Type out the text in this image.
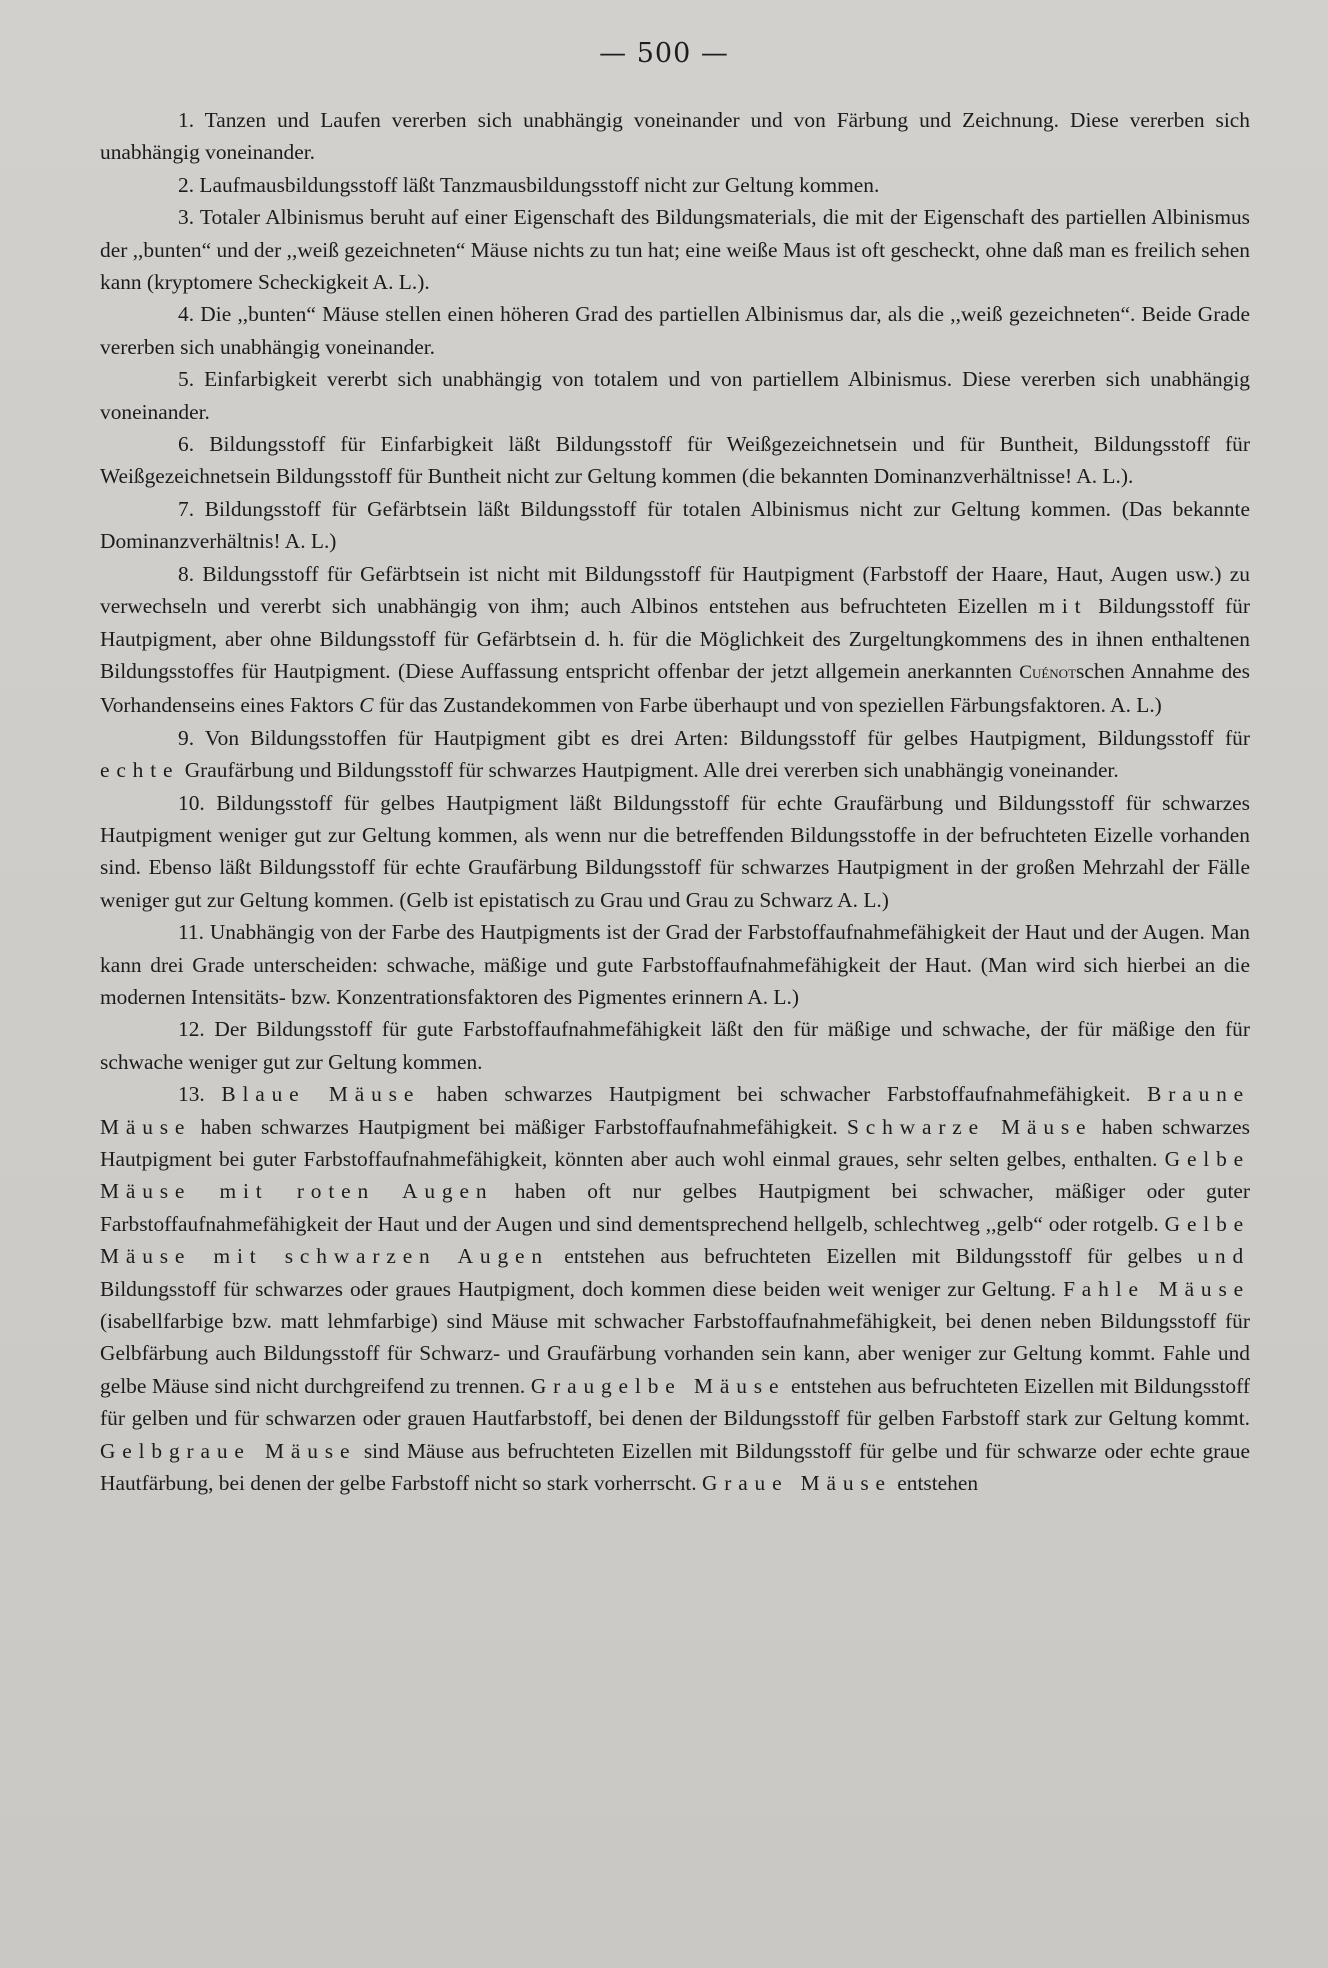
— 500 —

1. Tanzen und Laufen vererben sich unabhängig voneinander und von Färbung und Zeichnung. Diese vererben sich unabhängig voneinander.

2. Laufmausbildungsstoff läßt Tanzmausbildungsstoff nicht zur Geltung kommen.

3. Totaler Albinismus beruht auf einer Eigenschaft des Bildungsmaterials, die mit der Eigenschaft des partiellen Albinismus der ,,bunten“ und der ,,weiß gezeichneten“ Mäuse nichts zu tun hat; eine weiße Maus ist oft gescheckt, ohne daß man es freilich sehen kann (kryptomere Scheckigkeit A. L.).

4. Die ,,bunten“ Mäuse stellen einen höheren Grad des partiellen Albinismus dar, als die ,,weiß gezeichneten“. Beide Grade vererben sich unabhängig voneinander.

5. Einfarbigkeit vererbt sich unabhängig von totalem und von partiellem Albinismus. Diese vererben sich unabhängig voneinander.

6. Bildungsstoff für Einfarbigkeit läßt Bildungsstoff für Weißgezeichnetsein und für Buntheit, Bildungsstoff für Weißgezeichnetsein Bildungsstoff für Buntheit nicht zur Geltung kommen (die bekannten Dominanzverhältnisse! A. L.).

7. Bildungsstoff für Gefärbtsein läßt Bildungsstoff für totalen Albinismus nicht zur Geltung kommen. (Das bekannte Dominanzverhältnis! A. L.)

8. Bildungsstoff für Gefärbtsein ist nicht mit Bildungsstoff für Hautpigment (Farbstoff der Haare, Haut, Augen usw.) zu verwechseln und vererbt sich unabhängig von ihm; auch Albinos entstehen aus befruchteten Eizellen mit Bildungsstoff für Hautpigment, aber ohne Bildungsstoff für Gefärbtsein d. h. für die Möglichkeit des Zurgeltungkommens des in ihnen enthaltenen Bildungsstoffes für Hautpigment. (Diese Auffassung entspricht offenbar der jetzt allgemein anerkannten Cuénotschen Annahme des Vorhandenseins eines Faktors C für das Zustandekommen von Farbe überhaupt und von speziellen Färbungsfaktoren. A. L.)

9. Von Bildungsstoffen für Hautpigment gibt es drei Arten: Bildungsstoff für gelbes Hautpigment, Bildungsstoff für echte Graufärbung und Bildungsstoff für schwarzes Hautpigment. Alle drei vererben sich unabhängig voneinander.

10. Bildungsstoff für gelbes Hautpigment läßt Bildungsstoff für echte Graufärbung und Bildungsstoff für schwarzes Hautpigment weniger gut zur Geltung kommen, als wenn nur die betreffenden Bildungsstoffe in der befruchteten Eizelle vorhanden sind. Ebenso läßt Bildungsstoff für echte Graufärbung Bildungsstoff für schwarzes Hautpigment in der großen Mehrzahl der Fälle weniger gut zur Geltung kommen. (Gelb ist epistatisch zu Grau und Grau zu Schwarz A. L.)

11. Unabhängig von der Farbe des Hautpigments ist der Grad der Farbstoffaufnahmefähigkeit der Haut und der Augen. Man kann drei Grade unterscheiden: schwache, mäßige und gute Farbstoffaufnahmefähigkeit der Haut. (Man wird sich hierbei an die modernen Intensitäts- bzw. Konzentrationsfaktoren des Pigmentes erinnern A. L.)

12. Der Bildungsstoff für gute Farbstoffaufnahmefähigkeit läßt den für mäßige und schwache, der für mäßige den für schwache weniger gut zur Geltung kommen.

13. Blaue Mäuse haben schwarzes Hautpigment bei schwacher Farbstoffaufnahmefähigkeit. Braune Mäuse haben schwarzes Hautpigment bei mäßiger Farbstoffaufnahmefähigkeit. Schwarze Mäuse haben schwarzes Hautpigment bei guter Farbstoffaufnahmefähigkeit, könnten aber auch wohl einmal graues, sehr selten gelbes, enthalten. Gelbe Mäuse mit roten Augen haben oft nur gelbes Hautpigment bei schwacher, mäßiger oder guter Farbstoffaufnahmefähigkeit der Haut und der Augen und sind dementsprechend hellgelb, schlechtweg ,,gelb“ oder rotgelb. Gelbe Mäuse mit schwarzen Augen entstehen aus befruchteten Eizellen mit Bildungsstoff für gelbes und Bildungsstoff für schwarzes oder graues Hautpigment, doch kommen diese beiden weit weniger zur Geltung. Fahle Mäuse (isabellfarbige bzw. matt lehmfarbige) sind Mäuse mit schwacher Farbstoffaufnahmefähigkeit, bei denen neben Bildungsstoff für Gelbfärbung auch Bildungsstoff für Schwarz- und Graufärbung vorhanden sein kann, aber weniger zur Geltung kommt. Fahle und gelbe Mäuse sind nicht durchgreifend zu trennen. Graugelbe Mäuse entstehen aus befruchteten Eizellen mit Bildungsstoff für gelben und für schwarzen oder grauen Hautfarbstoff, bei denen der Bildungsstoff für gelben Farbstoff stark zur Geltung kommt. Gelbgraue Mäuse sind Mäuse aus befruchteten Eizellen mit Bildungsstoff für gelbe und für schwarze oder echte graue Hautfärbung, bei denen der gelbe Farbstoff nicht so stark vorherrscht. Graue Mäuse entstehen
